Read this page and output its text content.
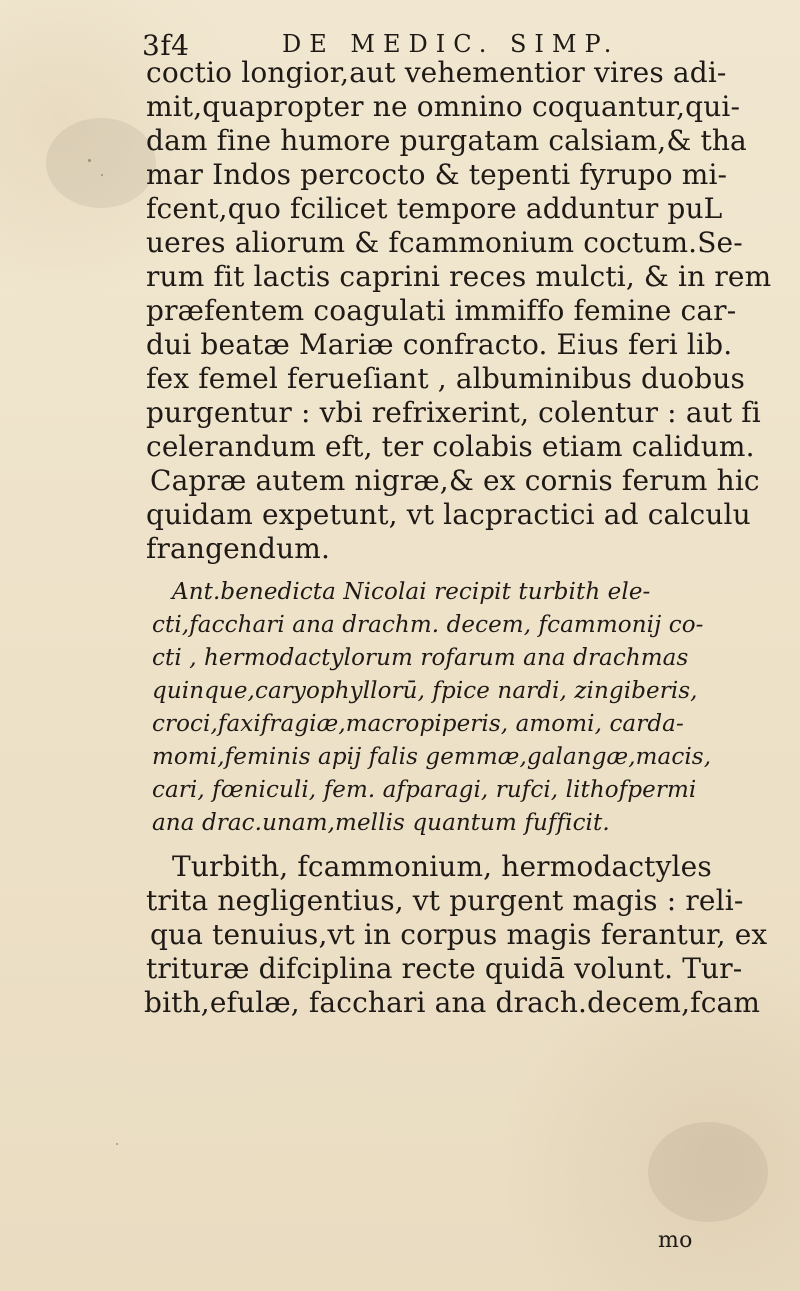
3f4	DE MEDIC. SIMP.
coctio longior,aut vehementior vires adi-
mit,quapropter ne omnino coquantur,qui-
dam fine humore purgatam calsiam,& tha
mar Indos percocto & tepenti fyrupo mi-
fcent,quo fcilicet tempore adduntur puL
ueres aliorum & fcammonium coctum.Se-
rum fit lactis caprini reces mulcti, & in rem
præfentem coagulati immiffo femine car-
dui beatæ Mariæ confracto. Eius feri lib.
fex femel ferueſiant , albuminibus duobus
purgentur : vbi refrixerint, colentur : aut fi
celerandum eft, ter colabis etiam calidum.
Capræ autem nigræ,& ex cornis ferum hic
quidam expetunt, vt lacpractici ad calculu
frangendum.
Ant.benedicta Nicolai recipit turbith ele-
cti,facchari ana drachm. decem, fcammonij co-
cti , hermodactylorum rofarum ana drachmas
quinque,caryophyllorū, fpice nardi, zingiberis,
croci,faxifragiæ,macropiperis, amomi, carda-
momi,feminis apij falis gemmæ,galangæ,macis,
cari, fœniculi, fem. afparagi, rufci, lithofpermi
ana drac.unam,mellis quantum fufficit.
Turbith, fcammonium, hermodactyles
trita negligentius, vt purgent magis : reli-
qua tenuius,vt in corpus magis ferantur, ex
trituræ difciplina recte quidā volunt. Tur-
bith,efulæ, facchari ana drach.decem,fcam
mo
